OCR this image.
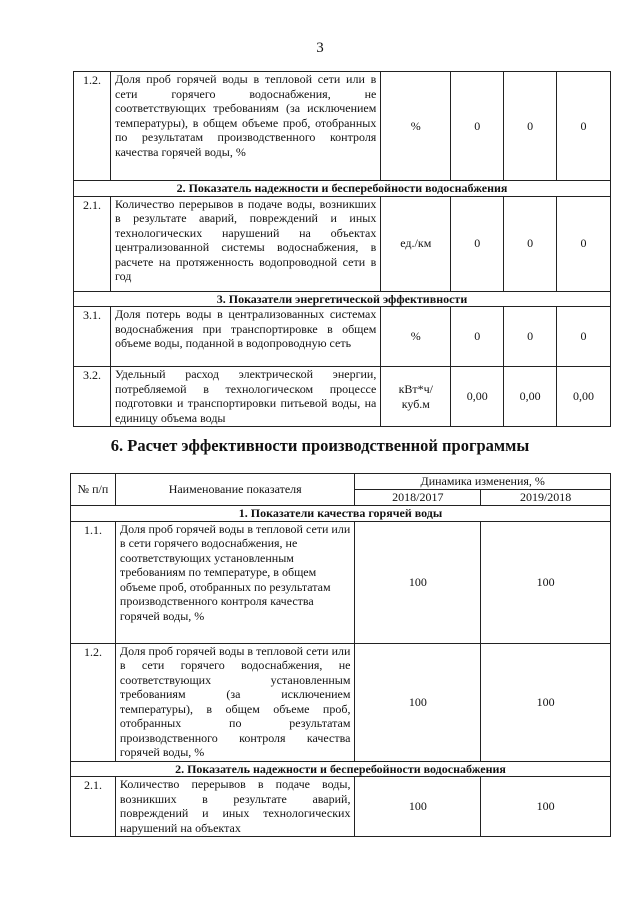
3
1.2.	Доля проб горячей воды в тепловой сети или в сети горячего водоснабжения, не соответствующих требованиям (за исключением температуры), в общем объеме проб, отобранных по результатам производственного контроля качества горячей воды, %	%	0	0	0
2. Показатель надежности и бесперебойности водоснабжения					
2.1.	Количество перерывов в подаче воды, возникших в результате аварий, повреждений и иных технологических нарушений на объектах централизованной системы водоснабжения, в расчете на протяженность водопроводной сети в год	ед./км	0	0	0
3. Показатели энергетической эффективности					
3.1.	Доля потерь воды в централизованных системах водоснабжения при транспортировке в общем объеме воды, поданной в водопроводную сеть	%	0	0	0
3.2.	Удельный расход электрической энергии, потребляемой в технологическом процессе подготовки и транспортировки питьевой воды, на единицу объема воды	кВт*ч/куб.м	0,00	0,00	0,00
6. Расчет эффективности производственной программы
№ п/п	Наименование показателя	Динамика изменения, %	
		2018/2017	2019/2018
1. Показатели качества горячей воды			
1.1.	Доля проб горячей воды в тепловой сети или в сети горячего водоснабжения, не соответствующих установленным требованиям по температуре, в общем объеме проб, отобранных по результатам производственного контроля качества горячей воды, %	100	100
1.2.	Доля проб горячей воды в тепловой сети или в сети горячего водоснабжения, не соответствующих установленным требованиям (за исключением температуры), в общем объеме проб, отобранных по результатам производственного контроля качества горячей воды, %	100	100
2. Показатель надежности и бесперебойности водоснабжения			
2.1.	Количество перерывов в подаче воды, возникших в результате аварий, повреждений и иных технологических нарушений на объектах	100	100
